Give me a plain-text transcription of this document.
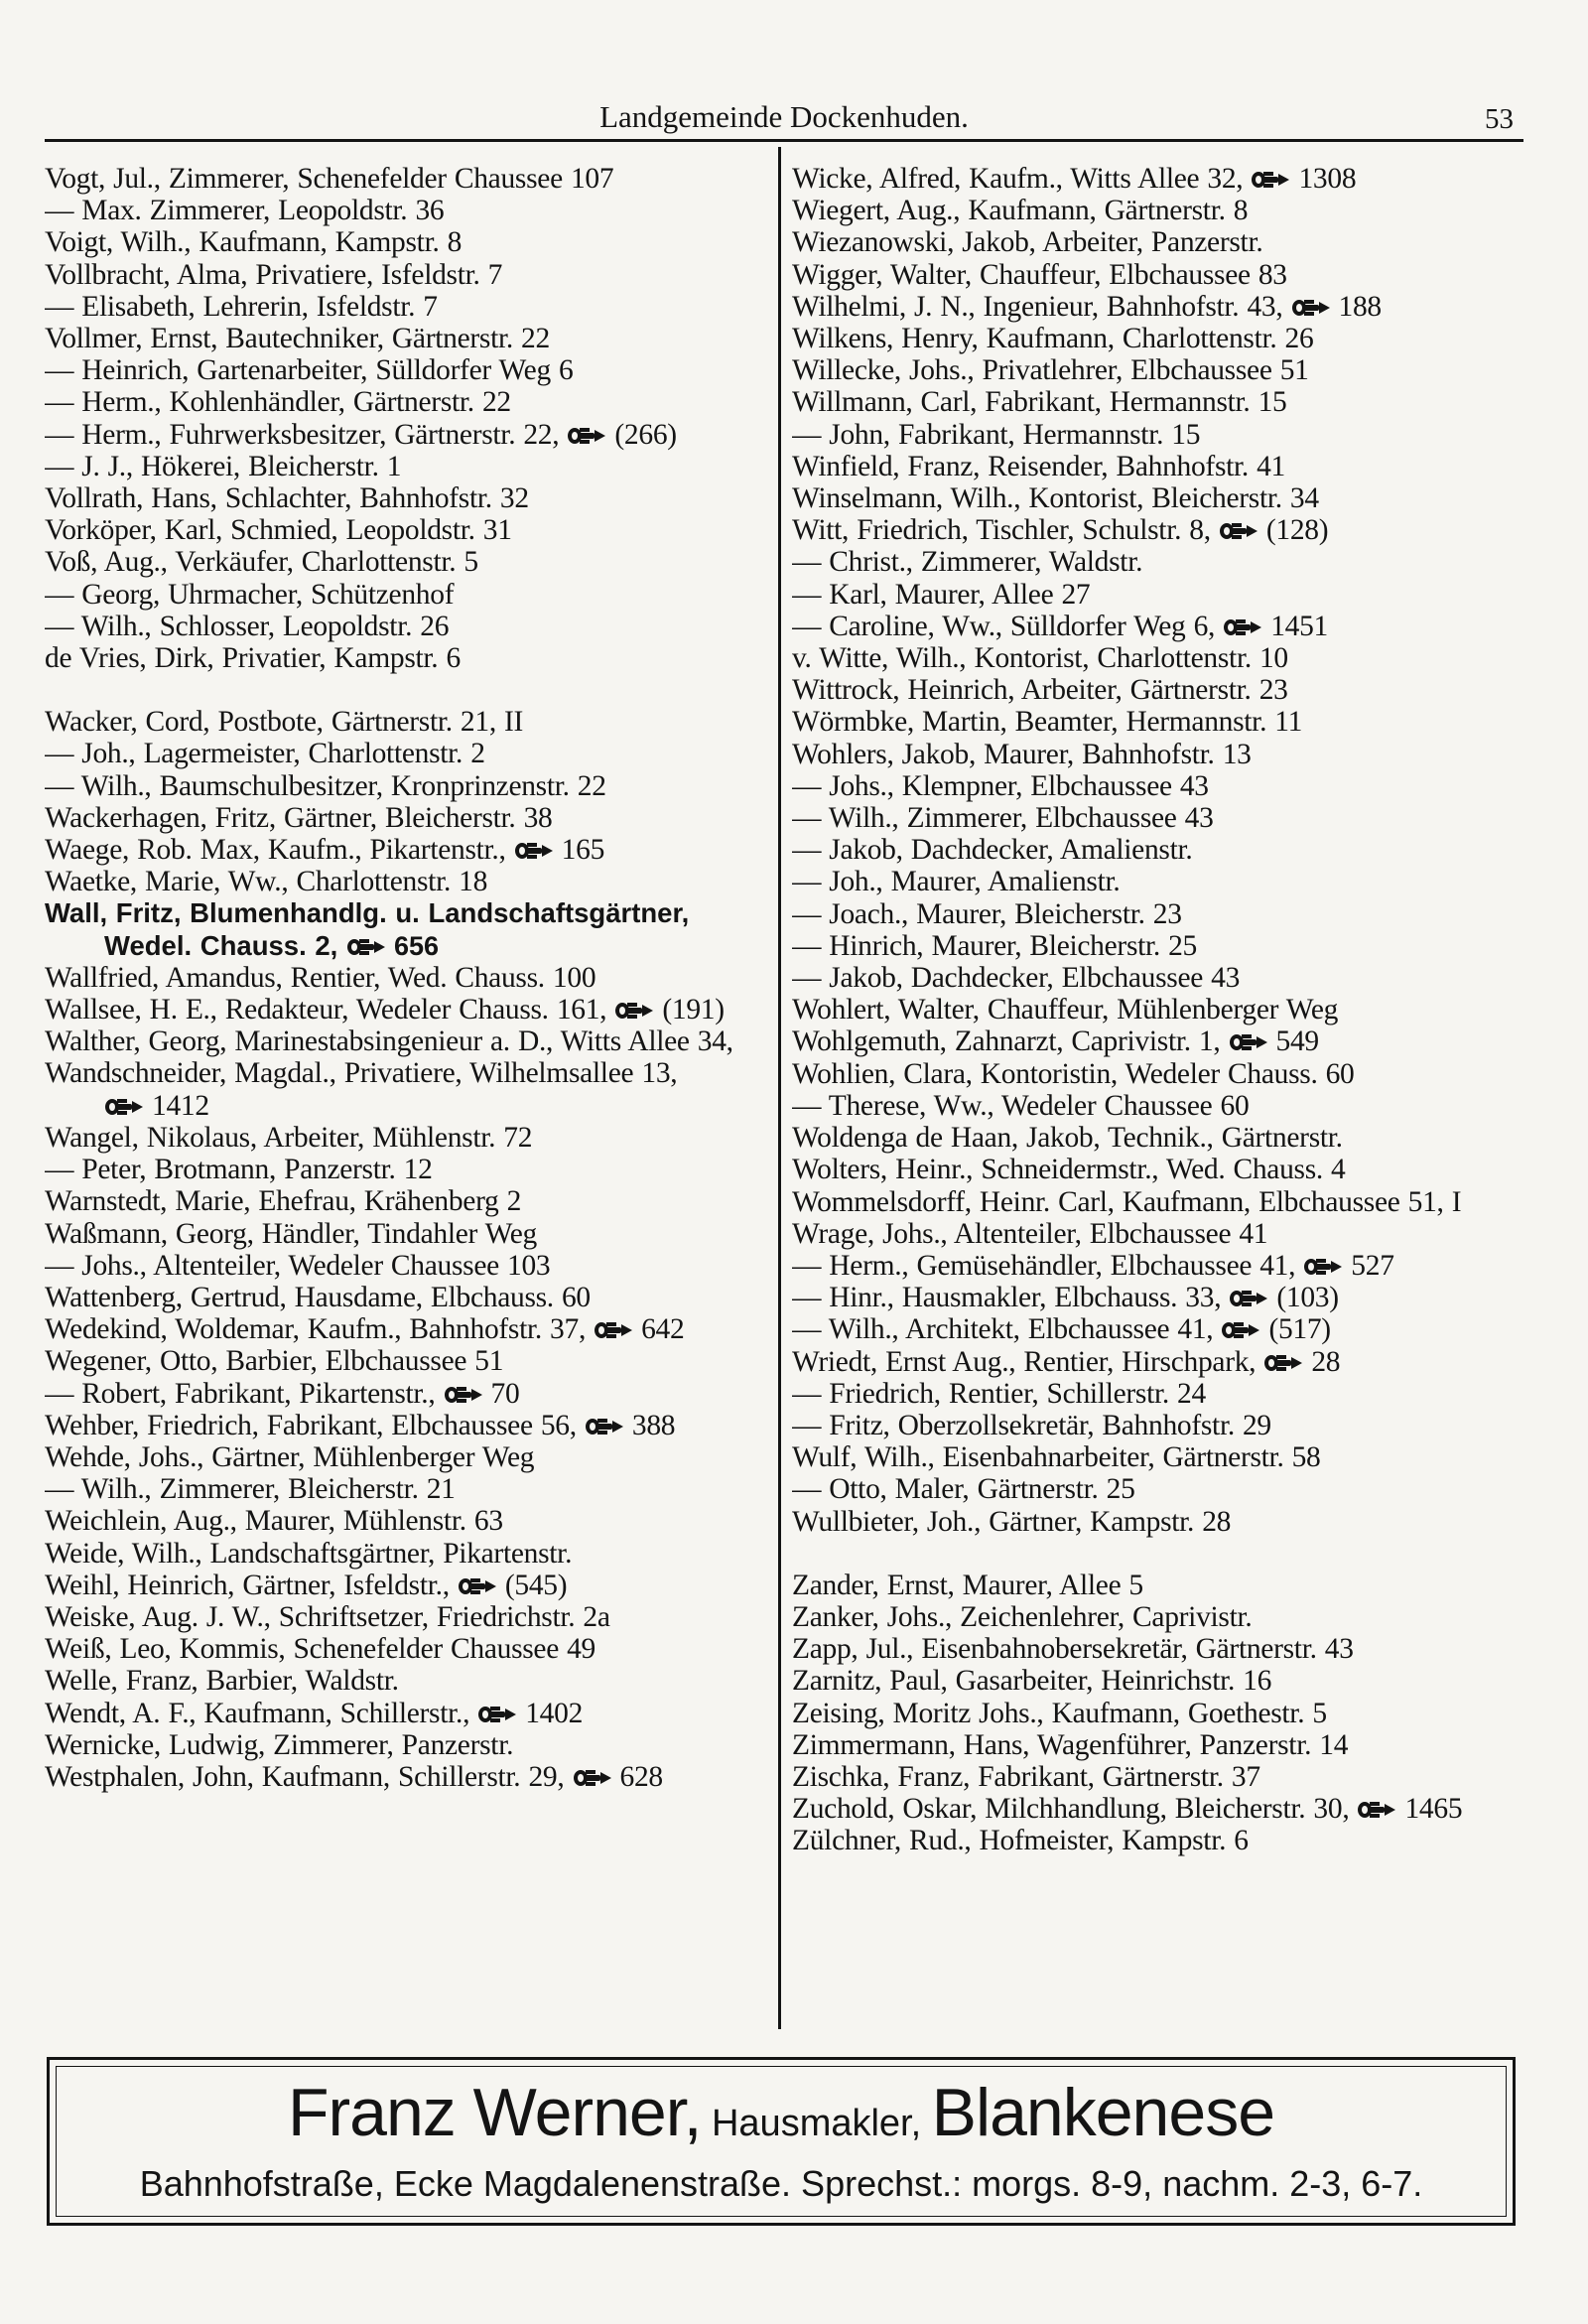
Landgemeinde Dockenhuden.	53
Vogt, Jul., Zimmerer, Schenefelder Chaussee 107
— Max. Zimmerer, Leopoldstr. 36
Voigt, Wilh., Kaufmann, Kampstr. 8
Vollbracht, Alma, Privatiere, Isfeldstr. 7
— Elisabeth, Lehrerin, Isfeldstr. 7
Vollmer, Ernst, Bautechniker, Gärtnerstr. 22
— Heinrich, Gartenarbeiter, Sülldorfer Weg 6
— Herm., Kohlenhändler, Gärtnerstr. 22
— Herm., Fuhrwerksbesitzer, Gärtnerstr. 22, (266)
— J. J., Hökerei, Bleicherstr. 1
Vollrath, Hans, Schlachter, Bahnhofstr. 32
Vorköper, Karl, Schmied, Leopoldstr. 31
Voß, Aug., Verkäufer, Charlottenstr. 5
— Georg, Uhrmacher, Schützenhof
— Wilh., Schlosser, Leopoldstr. 26
de Vries, Dirk, Privatier, Kampstr. 6
Wacker, Cord, Postbote, Gärtnerstr. 21, II
— Joh., Lagermeister, Charlottenstr. 2
— Wilh., Baumschulbesitzer, Kronprinzenstr. 22
Wackerhagen, Fritz, Gärtner, Bleicherstr. 38
Waege, Rob. Max, Kaufm., Pikartenstr., 165
Waetke, Marie, Ww., Charlottenstr. 18
Wall, Fritz, Blumenhandlg. u. Landschaftsgärtner, Wedel. Chauss. 2, 656
Wallfried, Amandus, Rentier, Wed. Chauss. 100
Wallsee, H. E., Redakteur, Wedeler Chauss. 161, (191)
Walther, Georg, Marinestabsingenieur a. D., Witts Allee 34,
Wandschneider, Magdal., Privatiere, Wilhelmsallee 13, 1412
Wangel, Nikolaus, Arbeiter, Mühlenstr. 72
— Peter, Brotmann, Panzerstr. 12
Warnstedt, Marie, Ehefrau, Krähenberg 2
Waßmann, Georg, Händler, Tindahler Weg
— Johs., Altenteiler, Wedeler Chaussee 103
Wattenberg, Gertrud, Hausdame, Elbchauss. 60
Wedekind, Woldemar, Kaufm., Bahnhofstr. 37, 642
Wegener, Otto, Barbier, Elbchaussee 51
— Robert, Fabrikant, Pikartenstr., 70
Wehber, Friedrich, Fabrikant, Elbchaussee 56, 388
Wehde, Johs., Gärtner, Mühlenberger Weg
— Wilh., Zimmerer, Bleicherstr. 21
Weichlein, Aug., Maurer, Mühlenstr. 63
Weide, Wilh., Landschaftsgärtner, Pikartenstr.
Weihl, Heinrich, Gärtner, Isfeldstr., (545)
Weiske, Aug. J. W., Schriftsetzer, Friedrichstr. 2a
Weiß, Leo, Kommis, Schenefelder Chaussee 49
Welle, Franz, Barbier, Waldstr.
Wendt, A. F., Kaufmann, Schillerstr., 1402
Wernicke, Ludwig, Zimmerer, Panzerstr.
Westphalen, John, Kaufmann, Schillerstr. 29, 628
Wicke, Alfred, Kaufm., Witts Allee 32, 1308
Wiegert, Aug., Kaufmann, Gärtnerstr. 8
Wiezanowski, Jakob, Arbeiter, Panzerstr.
Wigger, Walter, Chauffeur, Elbchaussee 83
Wilhelmi, J. N., Ingenieur, Bahnhofstr. 43, 188
Wilkens, Henry, Kaufmann, Charlottenstr. 26
Willecke, Johs., Privatlehrer, Elbchaussee 51
Willmann, Carl, Fabrikant, Hermannstr. 15
— John, Fabrikant, Hermannstr. 15
Winfield, Franz, Reisender, Bahnhofstr. 41
Winselmann, Wilh., Kontorist, Bleicherstr. 34
Witt, Friedrich, Tischler, Schulstr. 8, (128)
— Christ., Zimmerer, Waldstr.
— Karl, Maurer, Allee 27
— Caroline, Ww., Sülldorfer Weg 6, 1451
v. Witte, Wilh., Kontorist, Charlottenstr. 10
Wittrock, Heinrich, Arbeiter, Gärtnerstr. 23
Wörmbke, Martin, Beamter, Hermannstr. 11
Wohlers, Jakob, Maurer, Bahnhofstr. 13
— Johs., Klempner, Elbchaussee 43
— Wilh., Zimmerer, Elbchaussee 43
— Jakob, Dachdecker, Amalienstr.
— Joh., Maurer, Amalienstr.
— Joach., Maurer, Bleicherstr. 23
— Hinrich, Maurer, Bleicherstr. 25
— Jakob, Dachdecker, Elbchaussee 43
Wohlert, Walter, Chauffeur, Mühlenberger Weg
Wohlgemuth, Zahnarzt, Caprivistr. 1, 549
Wohlien, Clara, Kontoristin, Wedeler Chauss. 60
— Therese, Ww., Wedeler Chaussee 60
Woldenga de Haan, Jakob, Technik., Gärtnerstr.
Wolters, Heinr., Schneidermstr., Wed. Chauss. 4
Wommelsdorff, Heinr. Carl, Kaufmann, Elbchaussee 51, I
Wrage, Johs., Altenteiler, Elbchaussee 41
— Herm., Gemüsehändler, Elbchaussee 41, 527
— Hinr., Hausmakler, Elbchauss. 33, (103)
— Wilh., Architekt, Elbchaussee 41, (517)
Wriedt, Ernst Aug., Rentier, Hirschpark, 28
— Friedrich, Rentier, Schillerstr. 24
— Fritz, Oberzollsekretär, Bahnhofstr. 29
Wulf, Wilh., Eisenbahnarbeiter, Gärtnerstr. 58
— Otto, Maler, Gärtnerstr. 25
Wullbieter, Joh., Gärtner, Kampstr. 28
Zander, Ernst, Maurer, Allee 5
Zanker, Johs., Zeichenlehrer, Caprivistr.
Zapp, Jul., Eisenbahnobersekretär, Gärtnerstr. 43
Zarnitz, Paul, Gasarbeiter, Heinrichstr. 16
Zeising, Moritz Johs., Kaufmann, Goethestr. 5
Zimmermann, Hans, Wagenführer, Panzerstr. 14
Zischka, Franz, Fabrikant, Gärtnerstr. 37
Zuchold, Oskar, Milchhandlung, Bleicherstr. 30, 1465
Zülchner, Rud., Hofmeister, Kampstr. 6
Franz Werner, Hausmakler, Blankenese
Bahnhofstraße, Ecke Magdalenenstraße. Sprechst.: morgs. 8-9, nachm. 2-3, 6-7.
